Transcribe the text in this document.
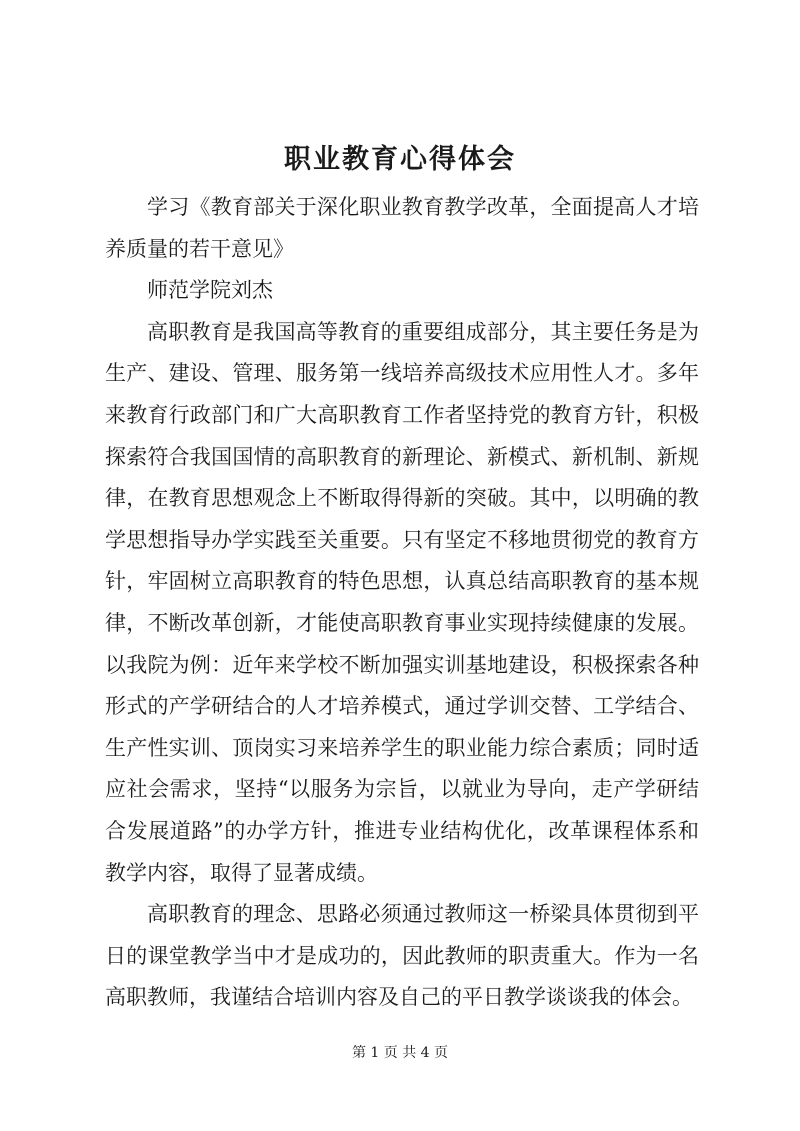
职业教育心得体会

学习《教育部关于深化职业教育教学改革，全面提高人才培养质量的若干意见》

师范学院刘杰

高职教育是我国高等教育的重要组成部分，其主要任务是为生产、建设、管理、服务第一线培养高级技术应用性人才。多年来教育行政部门和广大高职教育工作者坚持党的教育方针，积极探索符合我国国情的高职教育的新理论、新模式、新机制、新规律，在教育思想观念上不断取得得新的突破。其中，以明确的教学思想指导办学实践至关重要。只有坚定不移地贯彻党的教育方针，牢固树立高职教育的特色思想，认真总结高职教育的基本规律，不断改革创新，才能使高职教育事业实现持续健康的发展。以我院为例：近年来学校不断加强实训基地建设，积极探索各种形式的产学研结合的人才培养模式，通过学训交替、工学结合、生产性实训、顶岗实习来培养学生的职业能力综合素质；同时适应社会需求，坚持“以服务为宗旨，以就业为导向，走产学研结合发展道路”的办学方针，推进专业结构优化，改革课程体系和教学内容，取得了显著成绩。

高职教育的理念、思路必须通过教师这一桥梁具体贯彻到平日的课堂教学当中才是成功的，因此教师的职责重大。作为一名高职教师，我谨结合培训内容及自己的平日教学谈谈我的体会。

第 1 页 共 4 页
